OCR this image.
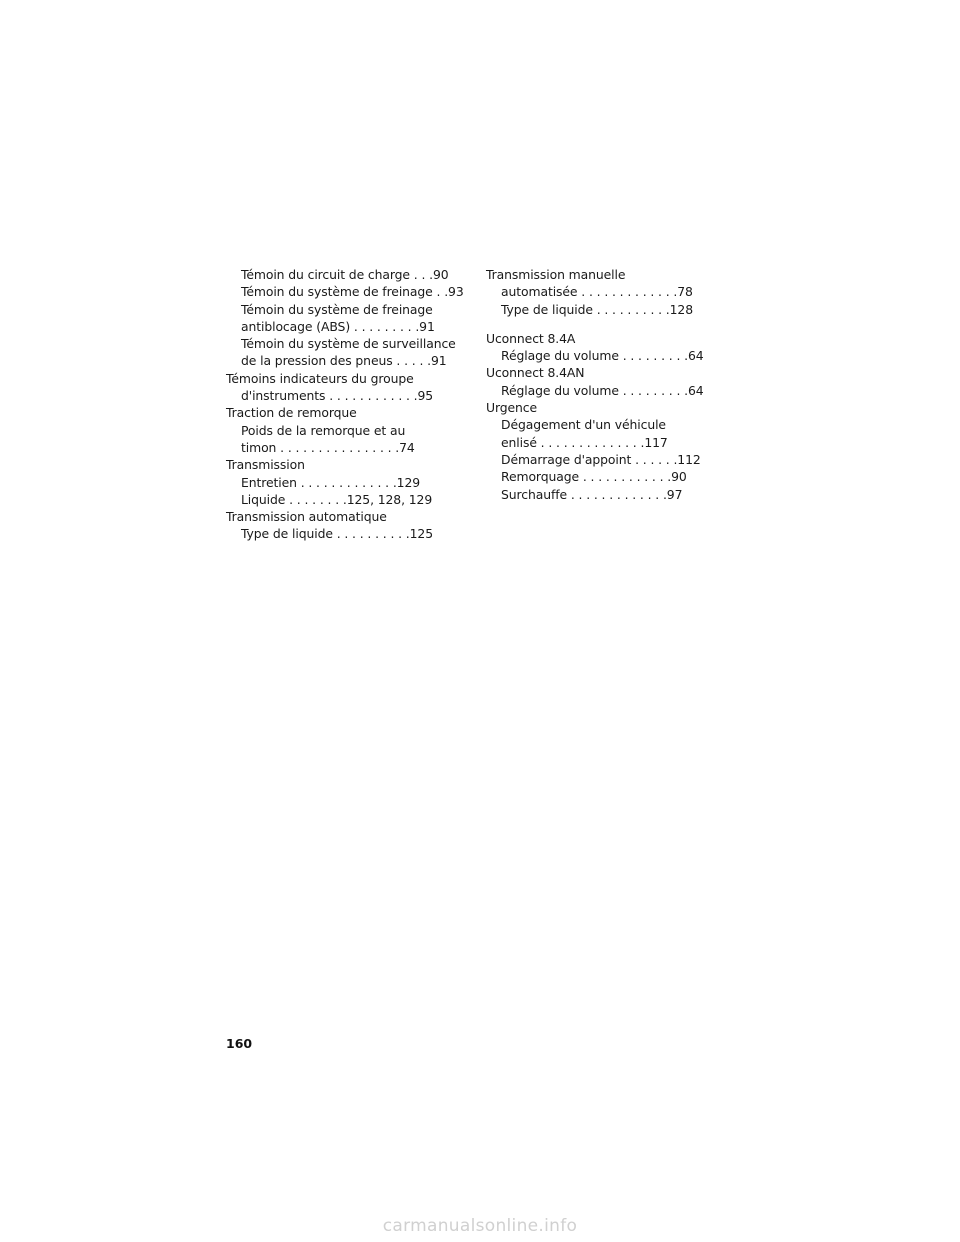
Témoin du circuit de charge . . .90
Témoin du système de freinage . .93
Témoin du système de freinage
antiblocage (ABS) . . . . . . . . .91
Témoin du système de surveillance
de la pression des pneus . . . . .91
Témoins indicateurs du groupe
d'instruments . . . . . . . . . . . .95
Traction de remorque
Poids de la remorque et au
timon . . . . . . . . . . . . . . . .74
Transmission
Entretien . . . . . . . . . . . . .129
Liquide . . . . . . . .125, 128, 129
Transmission automatique
Type de liquide . . . . . . . . . .125
Transmission manuelle
automatisée . . . . . . . . . . . . .78
Type de liquide . . . . . . . . . .128
Uconnect 8.4A
Réglage du volume . . . . . . . . .64
Uconnect 8.4AN
Réglage du volume . . . . . . . . .64
Urgence
Dégagement d'un véhicule
enlisé . . . . . . . . . . . . . .117
Démarrage d'appoint . . . . . .112
Remorquage . . . . . . . . . . . .90
Surchauffe . . . . . . . . . . . . .97
160
carmanualsonline.info
